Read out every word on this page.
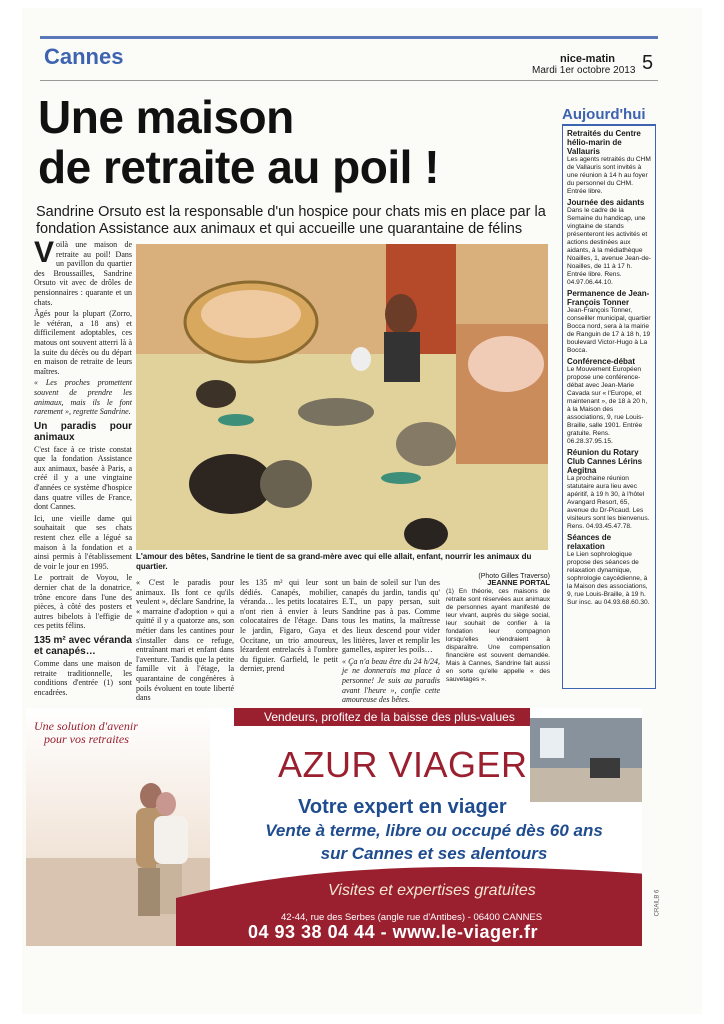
Cannes	nice-matin
Mardi 1er octobre 2013 5
Une maison
de retraite au poil !
Sandrine Orsuto est la responsable d'un hospice pour chats mis en place par la fondation Assistance aux animaux et qui accueille une quarantaine de félins
L'amour des bêtes, Sandrine le tient de sa grand-mère avec qui elle allait, enfant, nourrir les animaux du quartier.
(Photo Gilles Traverso)

Voilà une maison de retraite au poil! Dans un pavillon du quartier des Broussailles, Sandrine Orsuto vit avec de drôles de pensionnaires : quarante et un chats.

Âgés pour la plupart (Zorro, le vétéran, a 18 ans) et difficilement adoptables, ces matous ont souvent atterri là à la suite du décès ou du départ en maison de retraite de leurs maîtres.

« Les proches promettent souvent de prendre les animaux, mais ils le font rarement », regrette Sandrine.

Un paradis pour animaux

C'est face à ce triste constat que la fondation Assistance aux animaux, basée à Paris, a créé il y a une vingtaine d'années ce système d'hospice dans quatre villes de France, dont Cannes.

Ici, une vieille dame qui souhaitait que ses chats restent chez elle a légué sa maison à la fondation et a ainsi permis à l'établissement de voir le jour en 1995.

Le portrait de Voyou, le dernier chat de la donatrice, trône encore dans l'une des pièces, à côté des posters et autres bibelots à l'effigie de ces petits félins.

135 m² avec véranda et canapés…

Comme dans une maison de retraite traditionnelle, les conditions d'entrée (1) sont encadrées.

« C'est le paradis pour animaux. Ils font ce qu'ils veulent », déclare Sandrine, la « marraine d'adoption » qui a quitté il y a quatorze ans, son métier dans les cantines pour s'installer dans ce refuge, entraînant mari et enfant dans l'aventure. Tandis que la petite famille vit à l'étage, la quarantaine de congénères à poils évoluent en toute liberté dans

les 135 m² qui leur sont dédiés. Canapés, mobilier, véranda… les petits locataires n'ont rien à envier à leurs colocataires de l'étage. Dans le jardin, Figaro, Gaya et Occitane, un trio amoureux, lézardent entrelacés à l'ombre du figuier. Garfield, le petit dernier, prend

un bain de soleil sur l'un des canapés du jardin, tandis qu' E.T., un papy persan, suit Sandrine pas à pas. Comme tous les matins, la maîtresse des lieux descend pour vider les litières, laver et remplir les gamelles, aspirer les poils…

« Ça n'a beau être du 24 h/24, je ne donnerais ma place à personne! Je suis au paradis avant l'heure », confie cette amoureuse des bêtes.

JEANNE PORTAL

(1) En théorie, ces maisons de retraite sont réservées aux animaux de personnes ayant manifesté de leur vivant, auprès du siège social, leur souhait de confier à la fondation leur compagnon lorsqu'elles viendraient à disparaître. Une compensation financière est souvent demandée. Mais à Cannes, Sandrine fait aussi en sorte qu'elle appelle « des sauvetages ».

Aujourd'hui
Retraités du Centre hélio-marin de Vallauris

Les agents retraités du CHM de Vallauris sont invités à une réunion à 14 h au foyer du personnel du CHM. Entrée libre.

Journée des aidants

Dans le cadre de la Semaine du handicap, une vingtaine de stands présenteront les activités et actions destinées aux aidants, à la médiathèque Noailles, 1, avenue Jean-de-Noailles, de 11 à 17 h. Entrée libre. Rens. 04.97.06.44.10.

Permanence de Jean-François Tonner

Jean-François Tonner, conseiller municipal, quartier Bocca nord, sera à la mairie de Ranguin de 17 à 18 h, 19 boulevard Victor-Hugo à La Bocca.

Conférence-débat

Le Mouvement Européen propose une conférence-débat avec Jean-Marie Cavada sur « l'Europe, et maintenant », de 18 à 20 h, à la Maison des associations, 9, rue Louis-Braille, salle 1901. Entrée gratuite. Rens. 06.28.37.95.15.

Réunion du Rotary Club Cannes Lérins Aegitna

La prochaine réunion statutaire aura lieu avec apéritif, à 19 h 30, à l'hôtel Avangard Resort, 65, avenue du Dr-Picaud. Les visiteurs sont les bienvenus. Rens. 04.93.45.47.78.

Séances de relaxation

Le Lien sophrologique propose des séances de relaxation dynamique, sophrologie caycédienne, à la Maison des associations, 9, rue Louis-Braille, à 19 h. Sur insc. au 04.93.68.60.30.

Une solution d'avenir
pour vos retraites
Vendeurs, profitez de la baisse des plus-values
AZUR VIAGER
Votre expert en viager
Vente à terme, libre ou occupé dès 60 ans
sur Cannes et ses alentours
Visites et expertises gratuites
42-44, rue des Serbes (angle rue d'Antibes) - 06400 CANNES
04 93 38 04 44 - www.le-viager.fr
CRAILB 6
